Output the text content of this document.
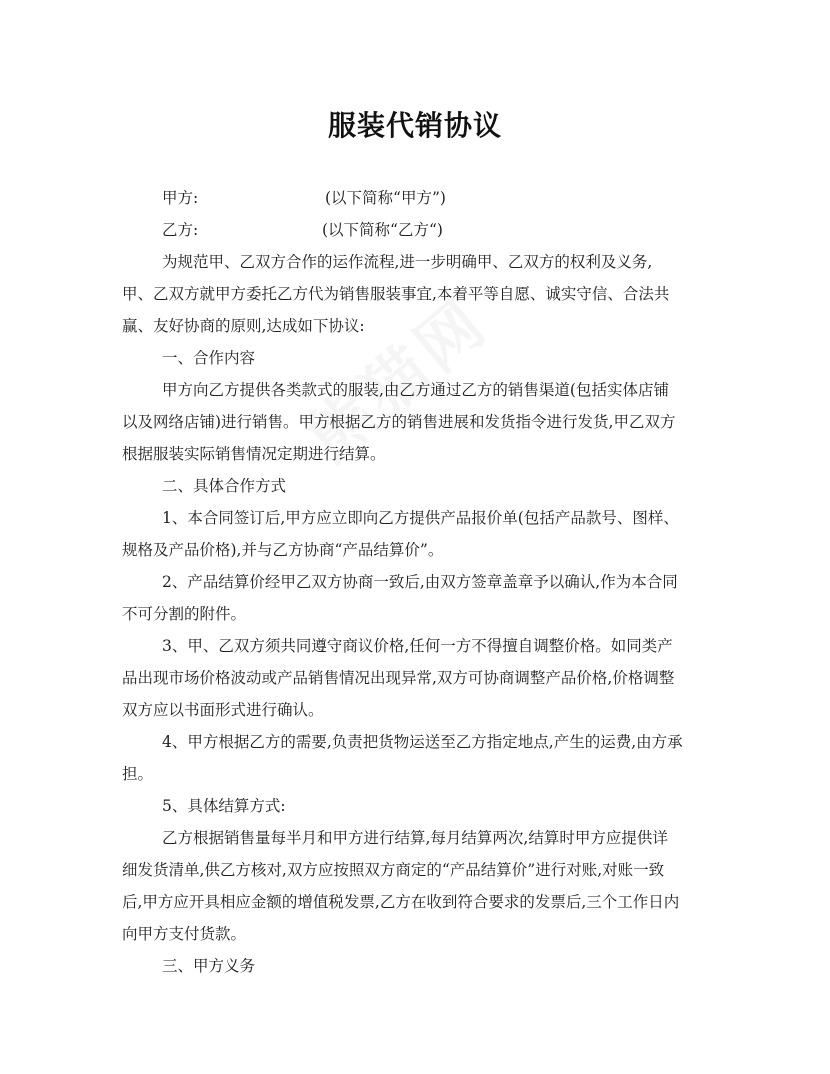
服装代销协议
甲方:	(以下简称“甲方”)
乙方:	(以下简称“乙方“)
为规范甲、乙双方合作的运作流程,进一步明确甲、乙双方的权利及义务,
甲、乙双方就甲方委托乙方代为销售服装事宜,本着平等自愿、诚实守信、合法共
赢、友好协商的原则,达成如下协议:
一、合作内容
甲方向乙方提供各类款式的服装,由乙方通过乙方的销售渠道(包括实体店铺
以及网络店铺)进行销售。甲方根据乙方的销售进展和发货指令进行发货,甲乙双方
根据服装实际销售情况定期进行结算。
二、具体合作方式
1、本合同签订后,甲方应立即向乙方提供产品报价单(包括产品款号、图样、
规格及产品价格),并与乙方协商“产品结算价”。
2、产品结算价经甲乙双方协商一致后,由双方签章盖章予以确认,作为本合同
不可分割的附件。
3、甲、乙双方须共同遵守商议价格,任何一方不得擅自调整价格。如同类产
品出现市场价格波动或产品销售情况出现异常,双方可协商调整产品价格,价格调整
双方应以书面形式进行确认。
4、甲方根据乙方的需要,负责把货物运送至乙方指定地点,产生的运费,由方承
担。
5、具体结算方式:
乙方根据销售量每半月和甲方进行结算,每月结算两次,结算时甲方应提供详
细发货清单,供乙方核对,双方应按照双方商定的“产品结算价”进行对账,对账一致
后,甲方应开具相应金额的增值税发票,乙方在收到符合要求的发票后,三个工作日内
向甲方支付货款。
三、甲方义务
